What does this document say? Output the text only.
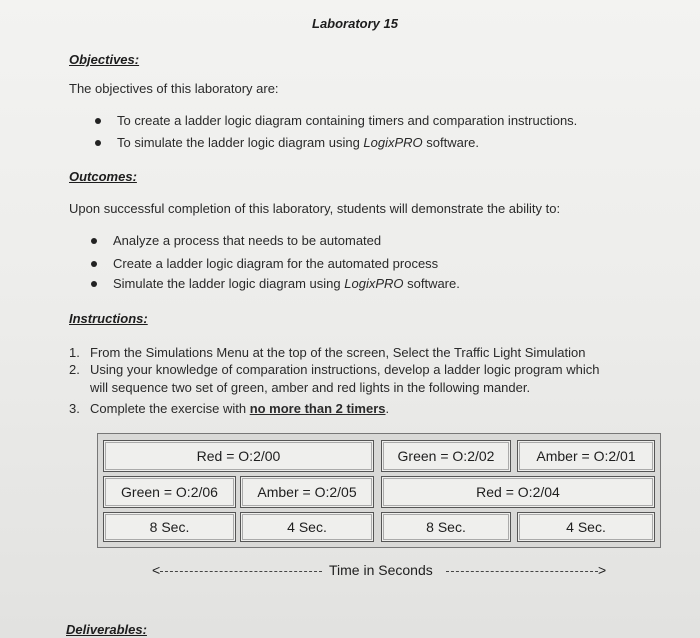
Laboratory 15
Objectives:
The objectives of this laboratory are:
To create a ladder logic diagram containing timers and comparation instructions.
To simulate the ladder logic diagram using LogixPRO software.
Outcomes:
Upon successful completion of this laboratory, students will demonstrate the ability to:
Analyze a process that needs to be automated
Create a ladder logic diagram for the automated process
Simulate the ladder logic diagram using LogixPRO software.
Instructions:
1. From the Simulations Menu at the top of the screen, Select the Traffic Light Simulation
2. Using your knowledge of comparation instructions, develop a ladder logic program which
will sequence two set of green, amber and red lights in the following mander.
3. Complete the exercise with no more than 2 timers.
Red = O:2/00	Green = O:2/02	Amber = O:2/01
Green = O:2/06	Amber = O:2/05	Red = O:2/04
8 Sec.	4 Sec.	8 Sec.	4 Sec.
<	Time in Seconds	>
Deliverables:
